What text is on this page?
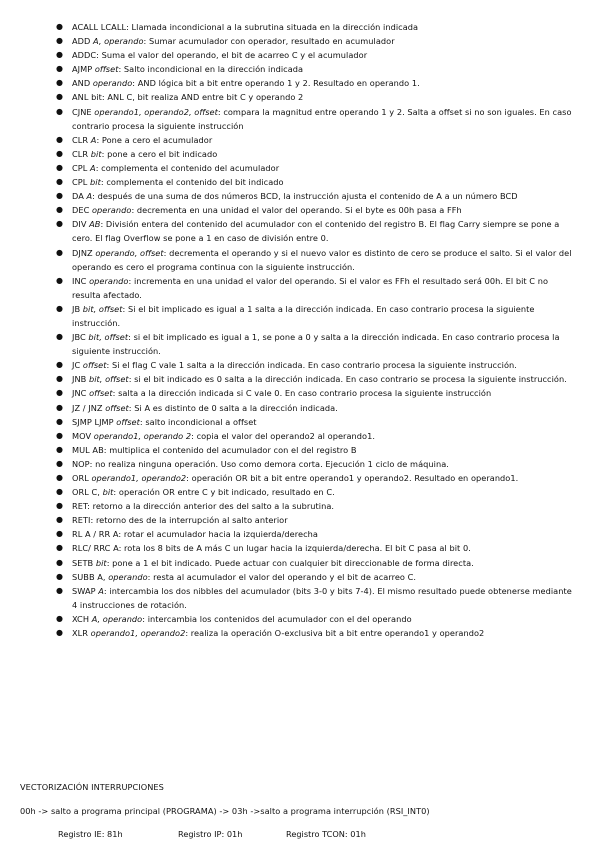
● ACALL LCALL: Llamada incondicional a la subrutina situada en la dirección indicada
● ADD A, operando: Sumar acumulador con operador, resultado en acumulador
● ADDC: Suma el valor del operando, el bit de acarreo C y el acumulador
● AJMP offset: Salto incondicional en la dirección indicada
● AND operando: AND lógica bit a bit entre operando 1 y 2. Resultado en operando 1.
● ANL bit: ANL C, bit realiza AND entre bit C y operando 2
● CJNE operando1, operando2, offset: compara la magnitud entre operando 1 y 2. Salta a offset si no son iguales. En caso contrario procesa la siguiente instrucción
● CLR A: Pone a cero el acumulador
● CLR bit: pone a cero el bit indicado
● CPL A: complementa el contenido del acumulador
● CPL bit: complementa el contenido del bit indicado
● DA A: después de una suma de dos números BCD, la instrucción ajusta el contenido de A a un número BCD
● DEC operando: decrementa en una unidad el valor del operando. Si el byte es 00h pasa a FFh
● DIV AB: División entera del contenido del acumulador con el contenido del registro B. El flag Carry siempre se pone a cero. El flag Overflow se pone a 1 en caso de división entre 0.
● DJNZ operando, offset: decrementa el operando y si el nuevo valor es distinto de cero se produce el salto. Si el valor del operando es cero el programa continua con la siguiente instrucción.
● INC operando: incrementa en una unidad el valor del operando. Si el valor es FFh el resultado será 00h. El bit C no resulta afectado.
● JB bit, offset: Si el bit implicado es igual a 1 salta a la dirección indicada. En caso contrario procesa la siguiente instrucción.
● JBC bit, offset: si el bit implicado es igual a 1, se pone a 0 y salta a la dirección indicada. En caso contrario procesa la siguiente instrucción.
● JC offset: Si el flag C vale 1 salta a la dirección indicada. En caso contrario procesa la siguiente instrucción.
● JNB bit, offset: si el bit indicado es 0 salta a la dirección indicada. En caso contrario se procesa la siguiente instrucción.
● JNC offset: salta a la dirección indicada si C vale 0. En caso contrario procesa la siguiente instrucción
● JZ / JNZ offset: Si A es distinto de 0 salta a la dirección indicada.
● SJMP LJMP offset: salto incondicional a offset
● MOV operando1, operando 2: copia el valor del operando2 al operando1.
● MUL AB: multiplica el contenido del acumulador con el del registro B
● NOP: no realiza ninguna operación. Uso como demora corta. Ejecución 1 ciclo de máquina.
● ORL operando1, operando2: operación OR bit a bit entre operando1 y operando2. Resultado en operando1.
● ORL C, bit: operación OR entre C y bit indicado, resultado en C.
● RET: retorno a la dirección anterior des del salto a la subrutina.
● RETI: retorno des de la interrupción al salto anterior
● RL A / RR A: rotar el acumulador hacia la izquierda/derecha
● RLC/ RRC A: rota los 8 bits de A más C un lugar hacia la izquierda/derecha. El bit C pasa al bit 0.
● SETB bit: pone a 1 el bit indicado. Puede actuar con cualquier bit direccionable de forma directa.
● SUBB A, operando: resta al acumulador el valor del operando y el bit de acarreo C.
● SWAP A: intercambia los dos nibbles del acumulador (bits 3-0 y bits 7-4). El mismo resultado puede obtenerse mediante 4 instrucciones de rotación.
● XCH A, operando: intercambia los contenidos del acumulador con el del operando
● XLR operando1, operando2: realiza la operación O-exclusiva bit a bit entre operando1 y operando2
VECTORIZACIÓN INTERRUPCIONES
00h -> salto a programa principal (PROGRAMA) -> 03h ->salto a programa interrupción (RSI_INT0)
Registro IE: 81h	Registro IP: 01h	Registro TCON: 01h
